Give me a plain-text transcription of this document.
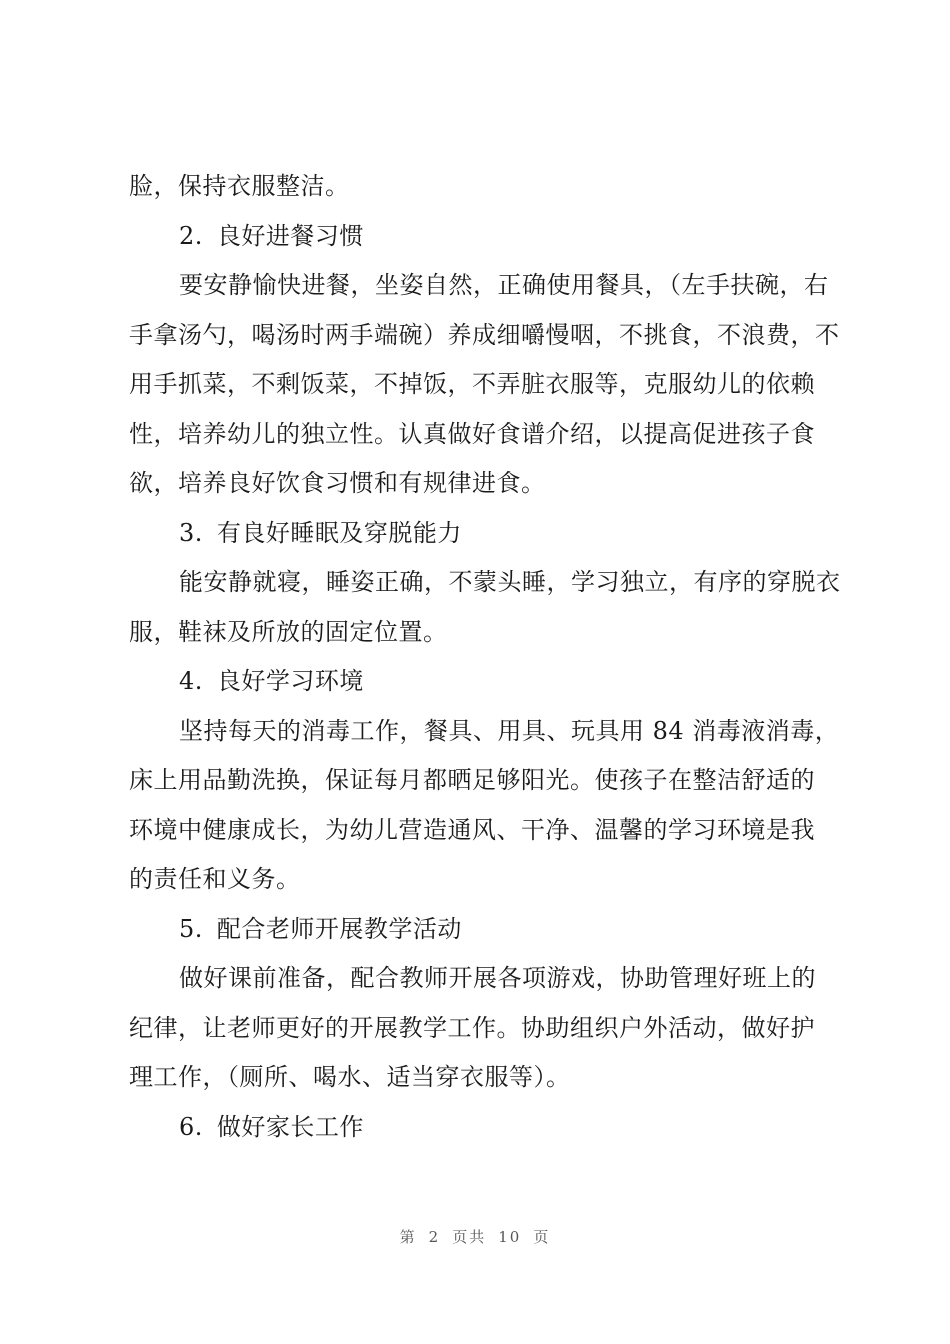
脸，保持衣服整洁。
2. 良好进餐习惯
要安静愉快进餐，坐姿自然，正确使用餐具，（左手扶碗，右
手拿汤勺，喝汤时两手端碗）养成细嚼慢咽，不挑食，不浪费，不
用手抓菜，不剩饭菜，不掉饭，不弄脏衣服等，克服幼儿的依赖
性，培养幼儿的独立性。认真做好食谱介绍，以提高促进孩子食
欲，培养良好饮食习惯和有规律进食。
3. 有良好睡眠及穿脱能力
能安静就寝，睡姿正确，不蒙头睡，学习独立，有序的穿脱衣
服，鞋袜及所放的固定位置。
4. 良好学习环境
坚持每天的消毒工作，餐具、用具、玩具用 84 消毒液消毒，
床上用品勤洗换，保证每月都晒足够阳光。使孩子在整洁舒适的
环境中健康成长，为幼儿营造通风、干净、温馨的学习环境是我
的责任和义务。
5. 配合老师开展教学活动
做好课前准备，配合教师开展各项游戏，协助管理好班上的
纪律，让老师更好的开展教学工作。协助组织户外活动，做好护
理工作，（厕所、喝水、适当穿衣服等）。
6. 做好家长工作
第 2 页共 10 页
